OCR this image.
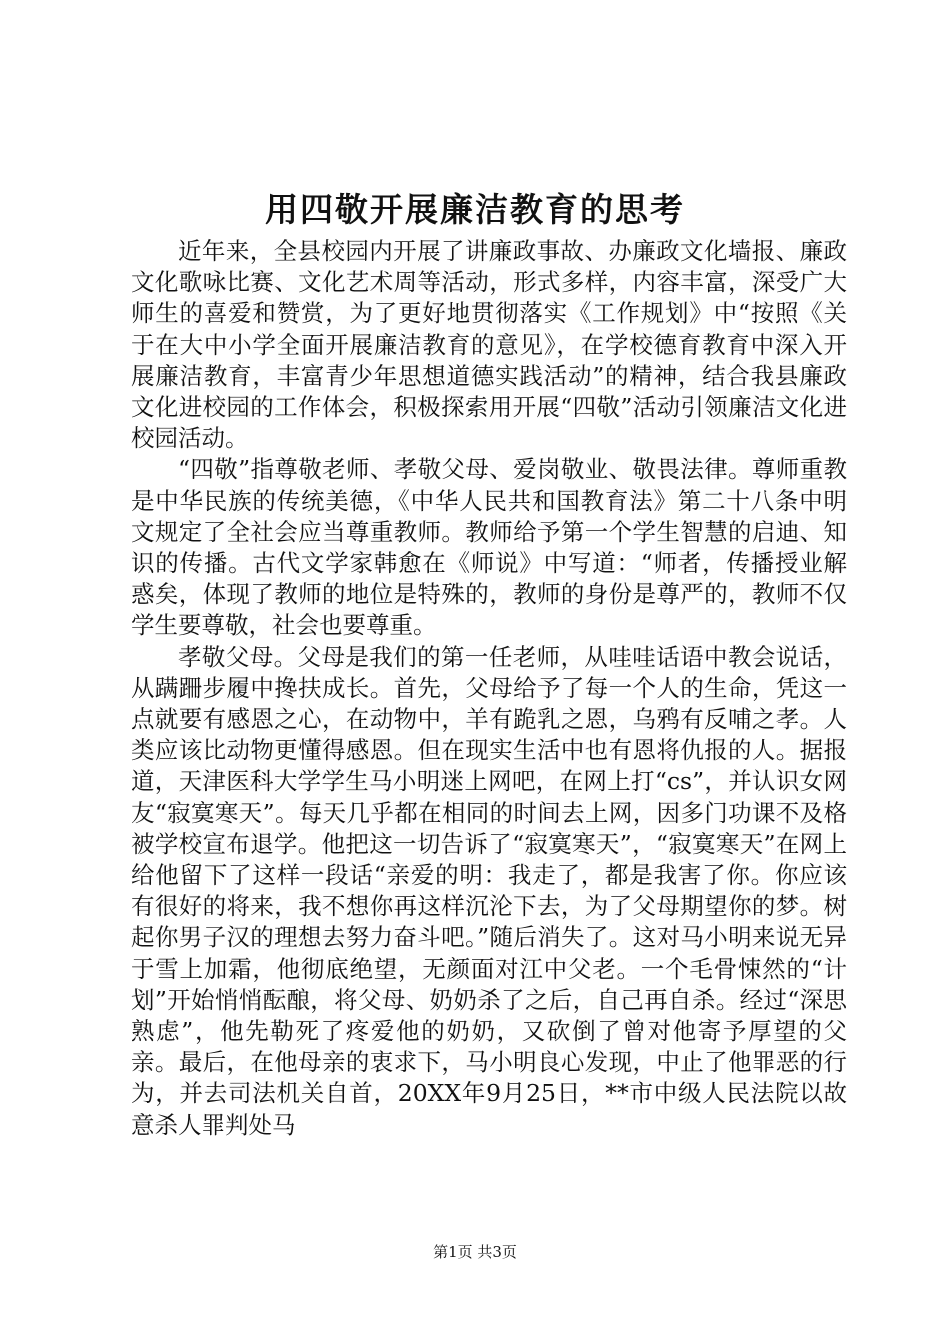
用四敬开展廉洁教育的思考

近年来，全县校园内开展了讲廉政事故、办廉政文化墙报、廉政文化歌咏比赛、文化艺术周等活动，形式多样，内容丰富，深受广大师生的喜爱和赞赏，为了更好地贯彻落实《工作规划》中“按照《关于在大中小学全面开展廉洁教育的意见》，在学校德育教育中深入开展廉洁教育，丰富青少年思想道德实践活动”的精神，结合我县廉政文化进校园的工作体会，积极探索用开展“四敬”活动引领廉洁文化进校园活动。

“四敬”指尊敬老师、孝敬父母、爱岗敬业、敬畏法律。尊师重教是中华民族的传统美德，《中华人民共和国教育法》第二十八条中明文规定了全社会应当尊重教师。教师给予第一个学生智慧的启迪、知识的传播。古代文学家韩愈在《师说》中写道：“师者，传播授业解惑矣，体现了教师的地位是特殊的，教师的身份是尊严的，教师不仅学生要尊敬，社会也要尊重。

孝敬父母。父母是我们的第一任老师，从哇哇话语中教会说话，从蹒跚步履中搀扶成长。首先，父母给予了每一个人的生命，凭这一点就要有感恩之心，在动物中，羊有跪乳之恩，乌鸦有反哺之孝。人类应该比动物更懂得感恩。但在现实生活中也有恩将仇报的人。据报道，天津医科大学学生马小明迷上网吧，在网上打“cs”，并认识女网友“寂寞寒天”。每天几乎都在相同的时间去上网，因多门功课不及格被学校宣布退学。他把这一切告诉了“寂寞寒天”，“寂寞寒天”在网上给他留下了这样一段话“亲爱的明：我走了，都是我害了你。你应该有很好的将来，我不想你再这样沉沦下去，为了父母期望你的梦。树起你男子汉的理想去努力奋斗吧。”随后消失了。这对马小明来说无异于雪上加霜，他彻底绝望，无颜面对江中父老。一个毛骨悚然的“计划”开始悄悄酝酿，将父母、奶奶杀了之后，自己再自杀。经过“深思熟虑”，他先勒死了疼爱他的奶奶，又砍倒了曾对他寄予厚望的父亲。最后，在他母亲的衷求下，马小明良心发现，中止了他罪恶的行为，并去司法机关自首，20XX年9月25日，**市中级人民法院以故意杀人罪判处马

第1页 共3页
